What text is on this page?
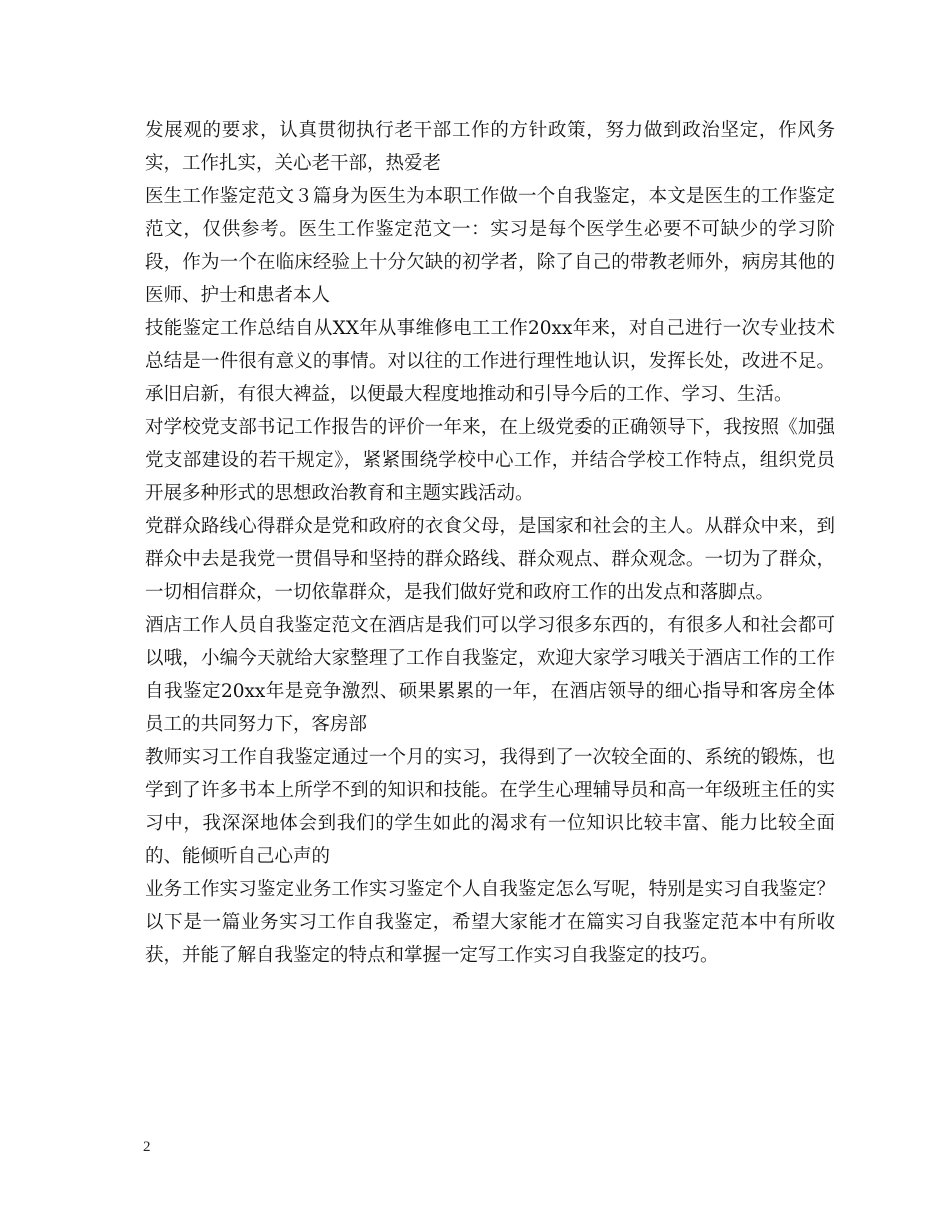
发展观的要求，认真贯彻执行老干部工作的方针政策，努力做到政治坚定，作风务实，工作扎实，关心老干部，热爱老

医生工作鉴定范文３篇身为医生为本职工作做一个自我鉴定，本文是医生的工作鉴定范文，仅供参考。医生工作鉴定范文一：实习是每个医学生必要不可缺少的学习阶段，作为一个在临床经验上十分欠缺的初学者，除了自己的带教老师外，病房其他的医师、护士和患者本人

技能鉴定工作总结自从XX年从事维修电工工作20xx年来，对自己进行一次专业技术总结是一件很有意义的事情。对以往的工作进行理性地认识，发挥长处，改进不足。承旧启新，有很大裨益，以便最大程度地推动和引导今后的工作、学习、生活。

对学校党支部书记工作报告的评价一年来，在上级党委的正确领导下，我按照《加强党支部建设的若干规定》，紧紧围绕学校中心工作，并结合学校工作特点，组织党员开展多种形式的思想政治教育和主题实践活动。

党群众路线心得群众是党和政府的衣食父母，是国家和社会的主人。从群众中来，到群众中去是我党一贯倡导和坚持的群众路线、群众观点、群众观念。一切为了群众，一切相信群众，一切依靠群众，是我们做好党和政府工作的出发点和落脚点。

酒店工作人员自我鉴定范文在酒店是我们可以学习很多东西的，有很多人和社会都可以哦，小编今天就给大家整理了工作自我鉴定，欢迎大家学习哦关于酒店工作的工作自我鉴定20xx年是竞争激烈、硕果累累的一年，在酒店领导的细心指导和客房全体员工的共同努力下，客房部

教师实习工作自我鉴定通过一个月的实习，我得到了一次较全面的、系统的锻炼，也学到了许多书本上所学不到的知识和技能。在学生心理辅导员和高一年级班主任的实习中，我深深地体会到我们的学生如此的渴求有一位知识比较丰富、能力比较全面的、能倾听自己心声的

业务工作实习鉴定业务工作实习鉴定个人自我鉴定怎么写呢，特别是实习自我鉴定？以下是一篇业务实习工作自我鉴定，希望大家能才在篇实习自我鉴定范本中有所收获，并能了解自我鉴定的特点和掌握一定写工作实习自我鉴定的技巧。

2
